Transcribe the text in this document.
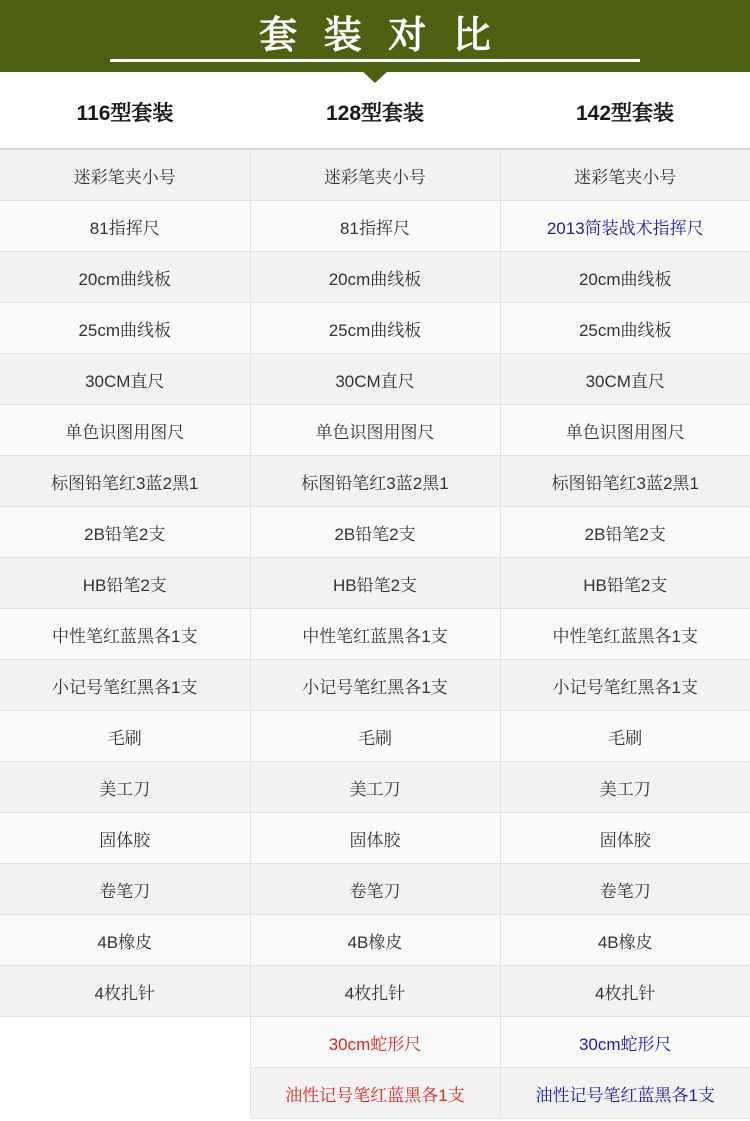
套 装 对 比
116型套装	128型套装	142型套装
迷彩笔夹小号	迷彩笔夹小号	迷彩笔夹小号
81指挥尺	81指挥尺	2013简装战术指挥尺
20cm曲线板	20cm曲线板	20cm曲线板
25cm曲线板	25cm曲线板	25cm曲线板
30CM直尺	30CM直尺	30CM直尺
单色识图用图尺	单色识图用图尺	单色识图用图尺
标图铅笔红3蓝2黑1	标图铅笔红3蓝2黑1	标图铅笔红3蓝2黑1
2B铅笔2支	2B铅笔2支	2B铅笔2支
HB铅笔2支	HB铅笔2支	HB铅笔2支
中性笔红蓝黑各1支	中性笔红蓝黑各1支	中性笔红蓝黑各1支
小记号笔红黑各1支	小记号笔红黑各1支	小记号笔红黑各1支
毛刷	毛刷	毛刷
美工刀	美工刀	美工刀
固体胶	固体胶	固体胶
卷笔刀	卷笔刀	卷笔刀
4B橡皮	4B橡皮	4B橡皮
4枚扎针	4枚扎针	4枚扎针
	30cm蛇形尺	30cm蛇形尺
	油性记号笔红蓝黑各1支	油性记号笔红蓝黑各1支
